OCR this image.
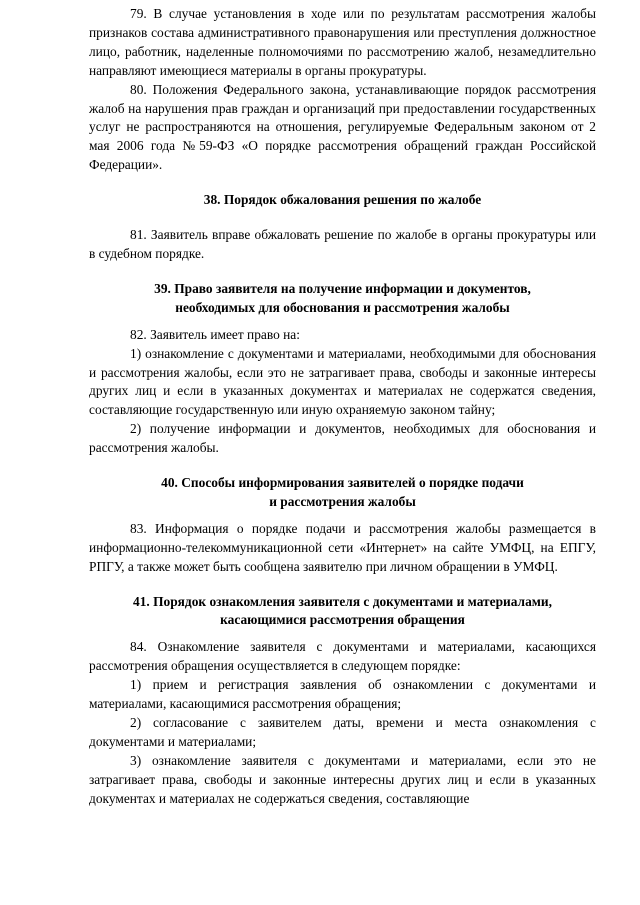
79. В случае установления в ходе или по результатам рассмотрения жалобы признаков состава административного правонарушения или преступления должностное лицо, работник, наделенные полномочиями по рассмотрению жалоб, незамедлительно направляют имеющиеся материалы в органы прокуратуры.

80. Положения Федерального закона, устанавливающие порядок рассмотрения жалоб на нарушения прав граждан и организаций при предоставлении государственных услуг не распространяются на отношения, регулируемые Федеральным законом от 2 мая 2006 года №59-ФЗ «О порядке рассмотрения обращений граждан Российской Федерации».

38. Порядок обжалования решения по жалобе

81. Заявитель вправе обжаловать решение по жалобе в органы прокуратуры или в судебном порядке.

39. Право заявителя на получение информации и документов,
необходимых для обоснования и рассмотрения жалобы

82. Заявитель имеет право на:

1) ознакомление с документами и материалами, необходимыми для обоснования и рассмотрения жалобы, если это не затрагивает права, свободы и законные интересы других лиц и если в указанных документах и материалах не содержатся сведения, составляющие государственную или иную охраняемую законом тайну;

2) получение информации и документов, необходимых для обоснования и рассмотрения жалобы.

40. Способы информирования заявителей о порядке подачи
и рассмотрения жалобы

83. Информация о порядке подачи и рассмотрения жалобы размещается в информационно-телекоммуникационной сети «Интернет» на сайте УМФЦ, на ЕПГУ, РПГУ, а также может быть сообщена заявителю при личном обращении в УМФЦ.

41. Порядок ознакомления заявителя с документами и материалами,
касающимися рассмотрения обращения

84. Ознакомление заявителя с документами и материалами, касающихся рассмотрения обращения осуществляется в следующем порядке:

1) прием и регистрация заявления об ознакомлении с документами и материалами, касающимися рассмотрения обращения;

2) согласование с заявителем даты, времени и места ознакомления с документами и материалами;

3) ознакомление заявителя с документами и материалами, если это не затрагивает права, свободы и законные интересны других лиц и если в указанных документах и материалах не содержаться сведения, составляющие
